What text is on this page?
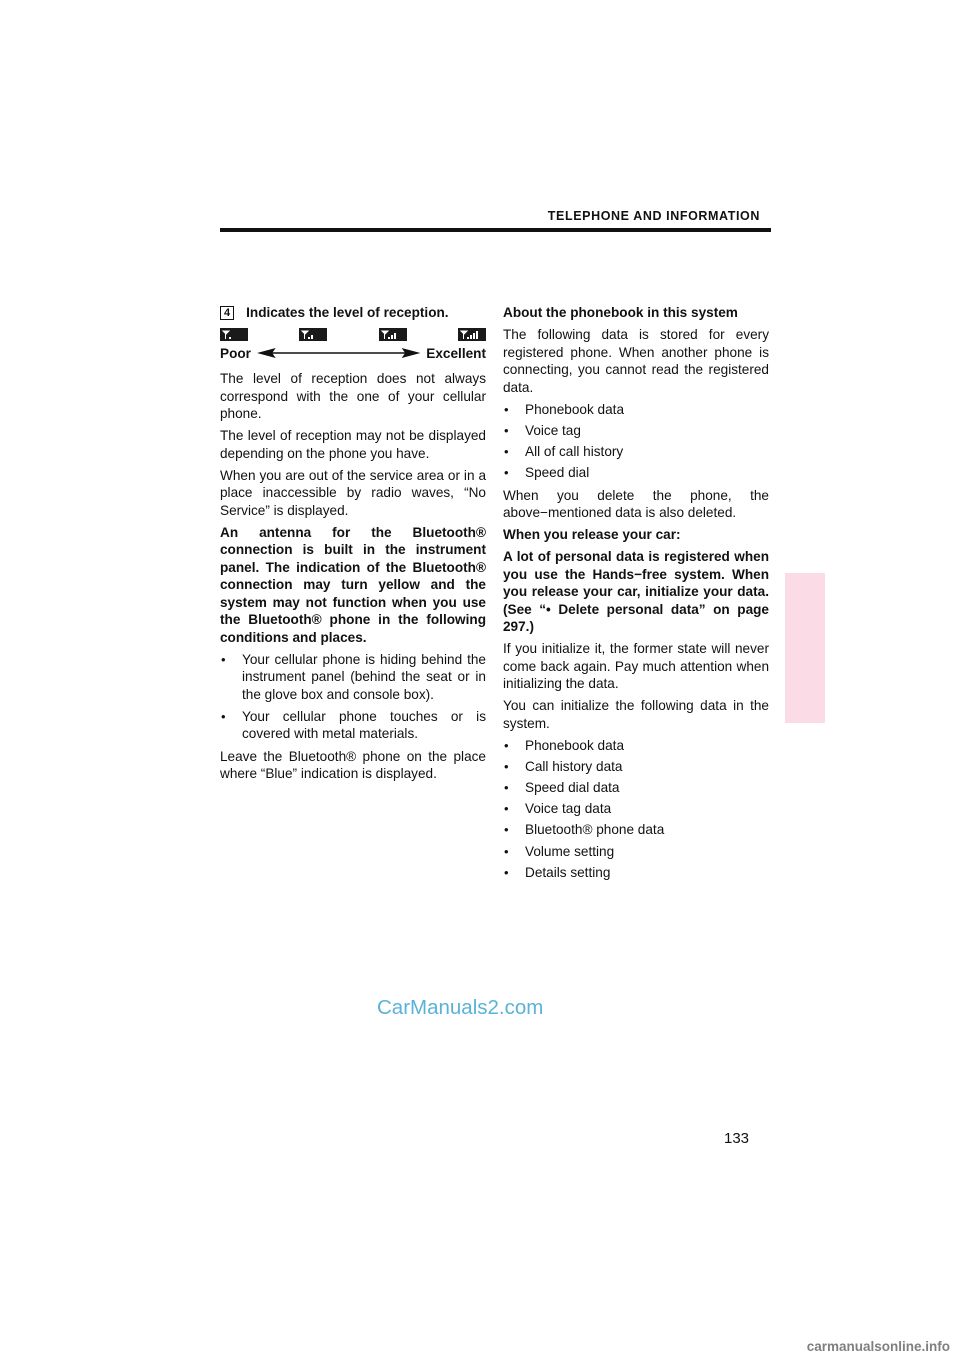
TELEPHONE AND INFORMATION
4 Indicates the level of reception.
Poor	Excellent

The level of reception does not always correspond with the one of your cellular phone.

The level of reception may not be displayed depending on the phone you have.

When you are out of the service area or in a place inaccessible by radio waves, “No Service” is displayed.

An antenna for the Bluetooth® connection is built in the instrument panel. The indication of the Bluetooth® connection may turn yellow and the system may not function when you use the Bluetooth® phone in the following conditions and places.

• Your cellular phone is hiding behind the instrument panel (behind the seat or in the glove box and console box).
• Your cellular phone touches or is covered with metal materials.

Leave the Bluetooth® phone on the place where “Blue” indication is displayed.

About the phonebook in this system

The following data is stored for every registered phone. When another phone is connecting, you cannot read the registered data.

• Phonebook data
• Voice tag
• All of call history
• Speed dial

When you delete the phone, the above−mentioned data is also deleted.

When you release your car:

A lot of personal data is registered when you use the Hands−free system. When you release your car, initialize your data. (See “• Delete personal data” on page 297.)

If you initialize it, the former state will never come back again. Pay much attention when initializing the data.

You can initialize the following data in the system.

• Phonebook data
• Call history data
• Speed dial data
• Voice tag data
• Bluetooth® phone data
• Volume setting
• Details setting
CarManuals2.com
133
carmanualsonline.info
